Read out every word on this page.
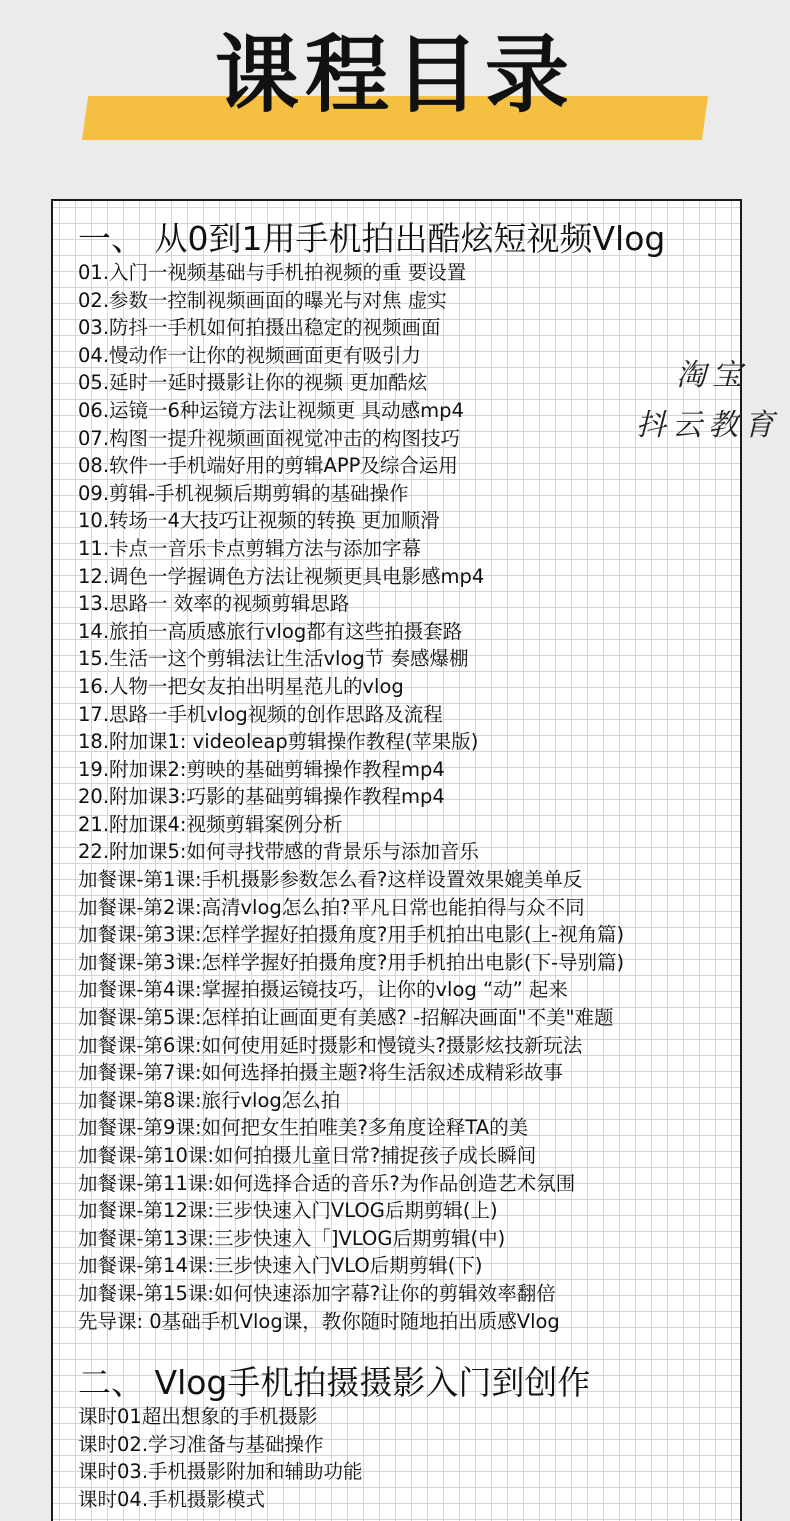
课程目录
一、 从0到1用手机拍出酷炫短视频Vlog
01.入门一视频基础与手机拍视频的重 要设置
02.参数一控制视频画面的曝光与对焦 虚实
03.防抖一手机如何拍摄出稳定的视频画面
04.慢动作一让你的视频画面更有吸引力
05.延时一延时摄影让你的视频 更加酷炫
06.运镜一6种运镜方法让视频更 具动感mp4
07.构图一提升视频画面视觉冲击的构图技巧
08.软件一手机端好用的剪辑APP及综合运用
09.剪辑-手机视频后期剪辑的基础操作
10.转场一4大技巧让视频的转换 更加顺滑
11.卡点一音乐卡点剪辑方法与添加字幕
12.调色一学握调色方法让视频更具电影感mp4
13.思路一 效率的视频剪辑思路
14.旅拍一高质感旅行vlog都有这些拍摄套路
15.生活一这个剪辑法让生活vlog节 奏感爆棚
16.人物一把女友拍出明星范儿的vlog
17.思路一手机vlog视频的创作思路及流程
18.附加课1: videoleap剪辑操作教程(苹果版)
19.附加课2:剪映的基础剪辑操作教程mp4
20.附加课3:巧影的基础剪辑操作教程mp4
21.附加课4:视频剪辑案例分析
22.附加课5:如何寻找带感的背景乐与添加音乐
加餐课-第1课:手机摄影参数怎么看?这样设置效果媲美单反
加餐课-第2课:高清vlog怎么拍?平凡日常也能拍得与众不同
加餐课-第3课:怎样学握好拍摄角度?用手机拍出电影(上-视角篇)
加餐课-第3课:怎样学握好拍摄角度?用手机拍出电影(下-导别篇)
加餐课-第4课:掌握拍摄运镜技巧，让你的vlog “动” 起来
加餐课-第5课:怎样拍让画面更有美感? -招解决画面"不美"难题
加餐课-第6课:如何使用延时摄影和慢镜头?摄影炫技新玩法
加餐课-第7课:如何选择拍摄主题?将生活叙述成精彩故事
加餐课-第8课:旅行vlog怎么拍
加餐课-第9课:如何把女生拍唯美?多角度诠释TA的美
加餐课-第10课:如何拍摄儿童日常?捕捉孩子成长瞬间
加餐课-第11课:如何选择合适的音乐?为作品创造艺术氛围
加餐课-第12课:三步快速入门VLOG后期剪辑(上)
加餐课-第13课:三步快速入「]VLOG后期剪辑(中)
加餐课-第14课:三步快速入门VLO后期剪辑(下)
加餐课-第15课:如何快速添加字幕?让你的剪辑效率翻倍
先导课: 0基础手机Vlog课，教你随时随地拍出质感Vlog
二、 Vlog手机拍摄摄影入门到创作
课时01超出想象的手机摄影
课时02.学习准备与基础操作
课时03.手机摄影附加和辅助功能
课时04.手机摄影模式
淘宝
抖云教育
